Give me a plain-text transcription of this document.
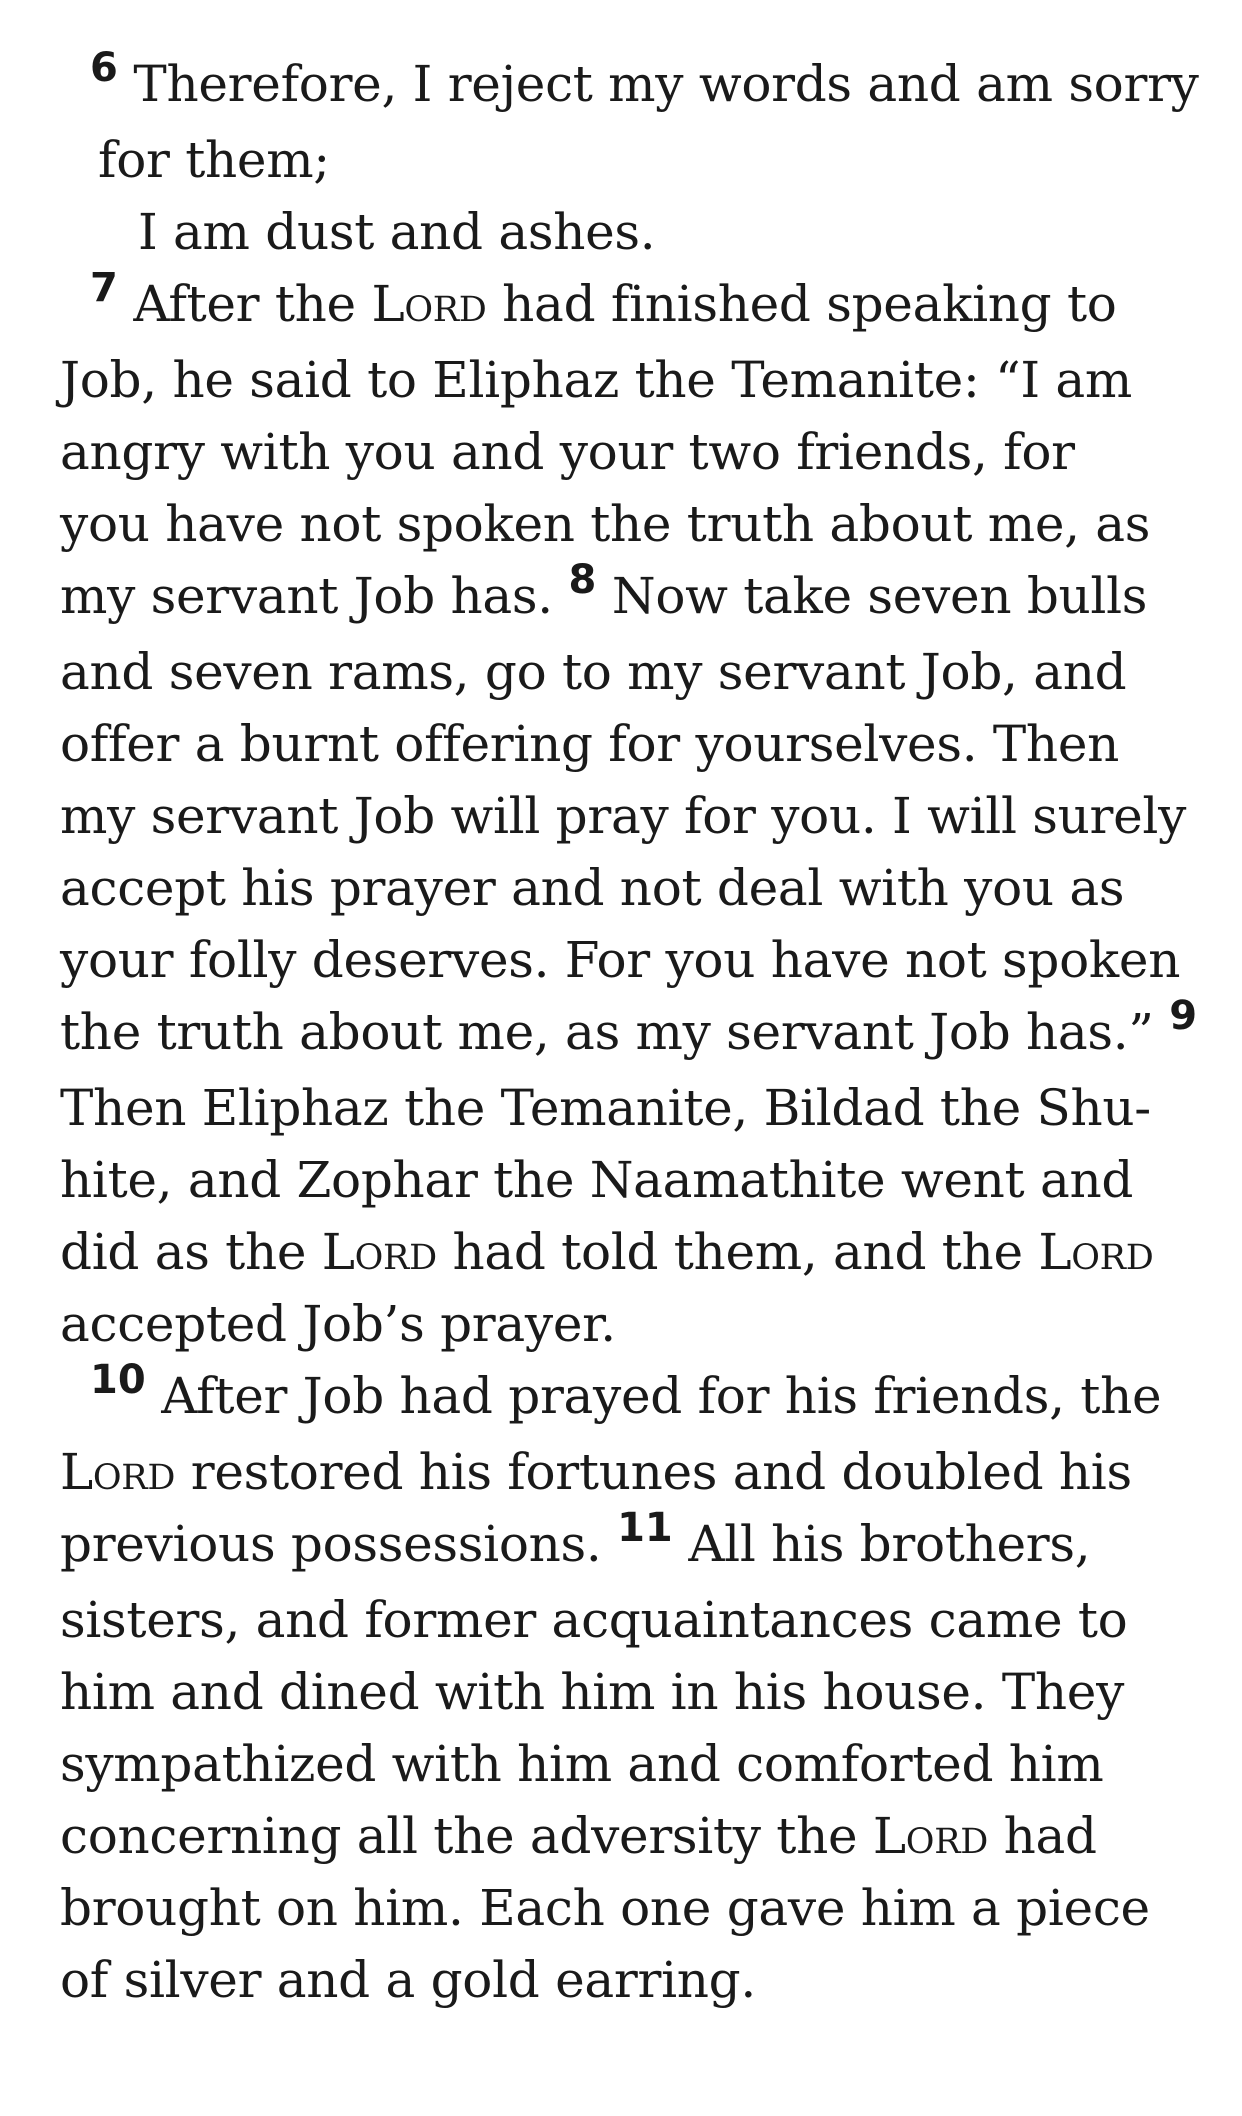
$^6$ Therefore, I reject my words and am sorry
for them;
I am dust and ashes.
$^7$ After the Lord had finished speaking to
Job, he said to Eliphaz the Temanite: “I am
angry with you and your two friends, for
you have not spoken the truth about me, as
my servant Job has. $^8$ Now take seven bulls
and seven rams, go to my servant Job, and
offer a burnt offering for yourselves. Then
my servant Job will pray for you. I will surely
accept his prayer and not deal with you as
your folly deserves. For you have not spoken
the truth about me, as my servant Job has.” $^9$
Then Eliphaz the Temanite, Bildad the Shu-
hite, and Zophar the Naamathite went and
did as the Lord had told them, and the Lord
accepted Job’s prayer.
$^{10}$ After Job had prayed for his friends, the
Lord restored his fortunes and doubled his
previous possessions. $^{11}$ All his brothers,
sisters, and former acquaintances came to
him and dined with him in his house. They
sympathized with him and comforted him
concerning all the adversity the Lord had
brought on him. Each one gave him a piece
of silver and a gold earring.
